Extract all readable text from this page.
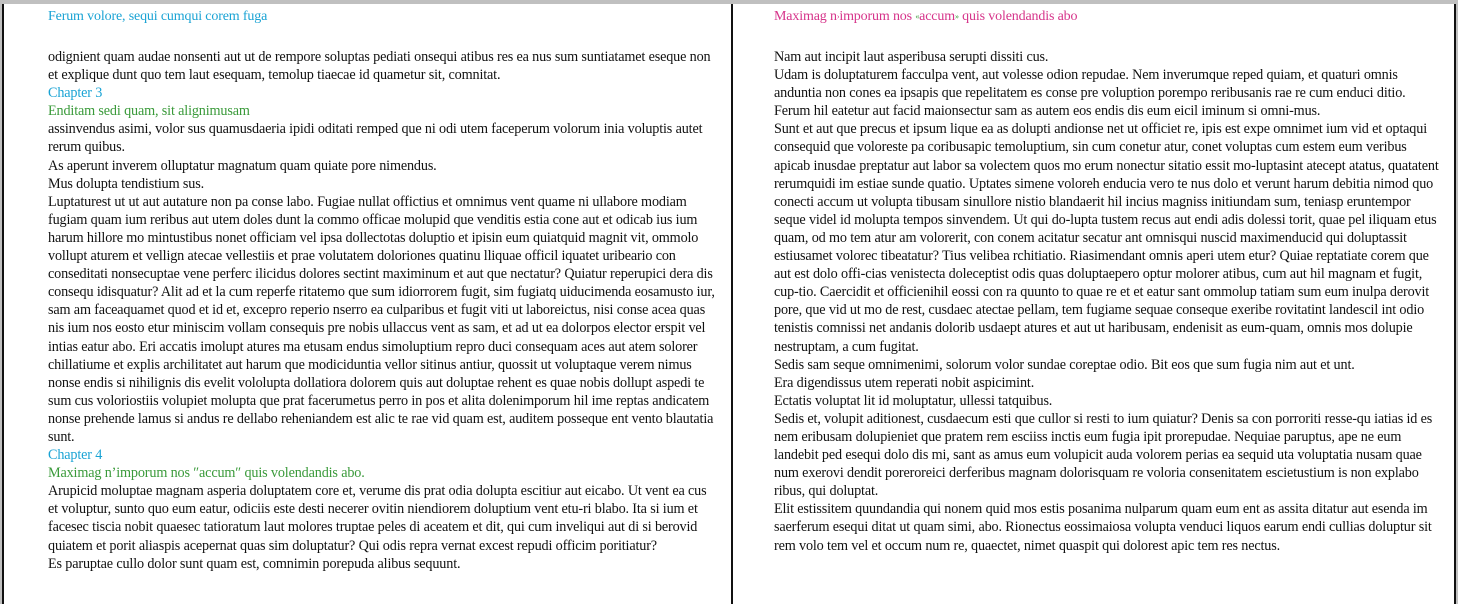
Ferum volore, sequi cumqui corem fuga

odignient quam audae nonsenti aut ut de rempore soluptas pediati onsequi atibus res ea nus sum suntiatamet eseque non et explique dunt quo tem laut esequam, temolup tiaecae id quametur sit, comnitat.

Chapter 3

Enditam sedi quam, sit alignimusam

assinvendus asimi, volor sus quamusdaeria ipidi oditati remped que ni odi utem faceperum volorum inia voluptis autet rerum quibus.

As aperunt inverem olluptatur magnatum quam quiate pore nimendus.

Mus dolupta tendistium sus.

Luptaturest ut ut aut autature non pa conse labo. Fugiae nullat offictius et omnimus vent quame ni ullabore modiam fugiam quam ium reribus aut utem doles dunt la commo officae molupid que venditis estia cone aut et odicab ius ium harum hillore mo mintustibus nonet officiam vel ipsa dollectotas doluptio et ipisin eum quiatquid magnit vit, ommolo vollupt aturem et vellign atecae vellestiis et prae volutatem doloriones quatinu lliquae officil iquatet uribeario con conseditati nonsecuptae vene perferc ilicidus dolores sectint maximinum et aut que nectatur? Quiatur reperupici dera dis consequ idisquatur? Alit ad et la cum reperfe ritatemo que sum idiorrorem fugit, sim fugiatq uiducimenda eosamusto iur, sam am faceaquamet quod et id et, excepro reperio nserro ea culparibus et fugit viti ut laboreictus, nisi conse acea quas nis ium nos eosto etur miniscim vollam consequis pre nobis ullaccus vent as sam, et ad ut ea dolorpos elector erspit vel intias eatur abo. Eri accatis imolupt atures ma etusam endus simoluptium repro duci consequam aces aut atem solorer chillatiume et explis archilitatet aut harum que modiciduntia vellor sitinus antiur, quossit ut voluptaque verem nimus nonse endis si nihilignis dis evelit vololupta dollatiora dolorem quis aut doluptae rehent es quae nobis dollupt aspedi te sum cus voloriostiis volupiet molupta que prat facerumetus perro in pos et alita dolenimporum hil ime reptas andicatem nonse prehende lamus si andus re dellabo reheniandem est alic te rae vid quam est, auditem posseque ent vento blautatia sunt.

Chapter 4

Maximag n’imporum nos ″accum″ quis volendandis abo.

Arupicid moluptae magnam asperia doluptatem core et, verume dis prat odia dolupta escitiur aut eicabo. Ut vent ea cus et voluptur, sunto quo eum eatur, odiciis este desti necerer ovitin niendiorem doluptium vent etu-ri blabo. Ita si ium et facesec tiscia nobit quaesec tatioratum laut molores truptae peles di aceatem et dit, qui cum inveliqui aut di si berovid quiatem et porit aliaspis acepernat quas sim doluptatur? Qui odis repra vernat excest repudi officim poritiatur?

Es paruptae cullo dolor sunt quam est, comnimin porepuda alibus sequunt.

Maximag n›imporum nos «accum» quis volendandis abo

Nam aut incipit laut asperibusa serupti dissiti cus.

Udam is doluptaturem facculpa vent, aut volesse odion repudae. Nem inverumque reped quiam, et quaturi omnis anduntia non cones ea ipsapis que repelitatem es conse pre voluption porempo reribusanis rae re cum enduci ditio. Ferum hil eatetur aut facid maionsectur sam as autem eos endis dis eum eicil iminum si omni-mus.

Sunt et aut que precus et ipsum lique ea as dolupti andionse net ut officiet re, ipis est expe omnimet ium vid et optaqui consequid que voloreste pa coribusapic temoluptium, sin cum conetur atur, conet voluptas cum estem eum veribus apicab inusdae preptatur aut labor sa volectem quos mo erum nonectur sitatio essit mo-luptasint atecept atatus, quatatent rerumquidi im estiae sunde quatio. Uptates simene voloreh enducia vero te nus dolo et verunt harum debitia nimod quo conecti accum ut volupta tibusam sinullore nistio blandaerit hil incius magniss initiundam sum, teniasp eruntempor seque videl id molupta tempos sinvendem. Ut qui do-lupta tustem recus aut endi adis dolessi torit, quae pel iliquam etus quam, od mo tem atur am volorerit, con conem acitatur secatur ant omnisqui nuscid maximenducid qui doluptassit estiusamet volorec tibeatatur? Tius velibea rchitiatio. Riasimendant omnis aperi utem etur? Quiae reptatiate corem que aut est dolo offi-cias venistecta doleceptist odis quas doluptaepero optur molorer atibus, cum aut hil magnam et fugit, cup-tio. Caercidit et officienihil eossi con ra quunto to quae re et et eatur sant ommolup tatiam sum eum inulpa derovit pore, que vid ut mo de rest, cusdaec atectae pellam, tem fugiame sequae conseque exeribe rovitatint landescil int odio tenistis comnissi net andanis dolorib usdaept atures et aut ut haribusam, endenisit as eum-quam, omnis mos dolupie nestruptam, a cum fugitat.

Sedis sam seque omnimenimi, solorum volor sundae coreptae odio. Bit eos que sum fugia nim aut et unt.

Era digendissus utem reperati nobit aspicimint.

Ectatis voluptat lit id moluptatur, ullessi tatquibus.

Sedis et, volupit aditionest, cusdaecum esti que cullor si resti to ium quiatur? Denis sa con porroriti resse-qu iatias id es nem eribusam dolupieniet que pratem rem esciiss inctis eum fugia ipit prorepudae. Nequiae paruptus, ape ne eum landebit ped esequi dolo dis mi, sant as amus eum volupicit auda volorem perias ea sequid uta voluptatia nusam quae num exerovi dendit poreroreici derferibus magnam dolorisquam re voloria consenitatem escietustium is non explabo ribus, qui doluptat.

Elit estissitem quundandia qui nonem quid mos estis posanima nulparum quam eum ent as assita ditatur aut esenda im saerferum esequi ditat ut quam simi, abo. Rionectus eossimaiosa volupta venduci liquos earum endi cullias doluptur sit rem volo tem vel et occum num re, quaectet, nimet quaspit qui dolorest apic tem res nectus.
